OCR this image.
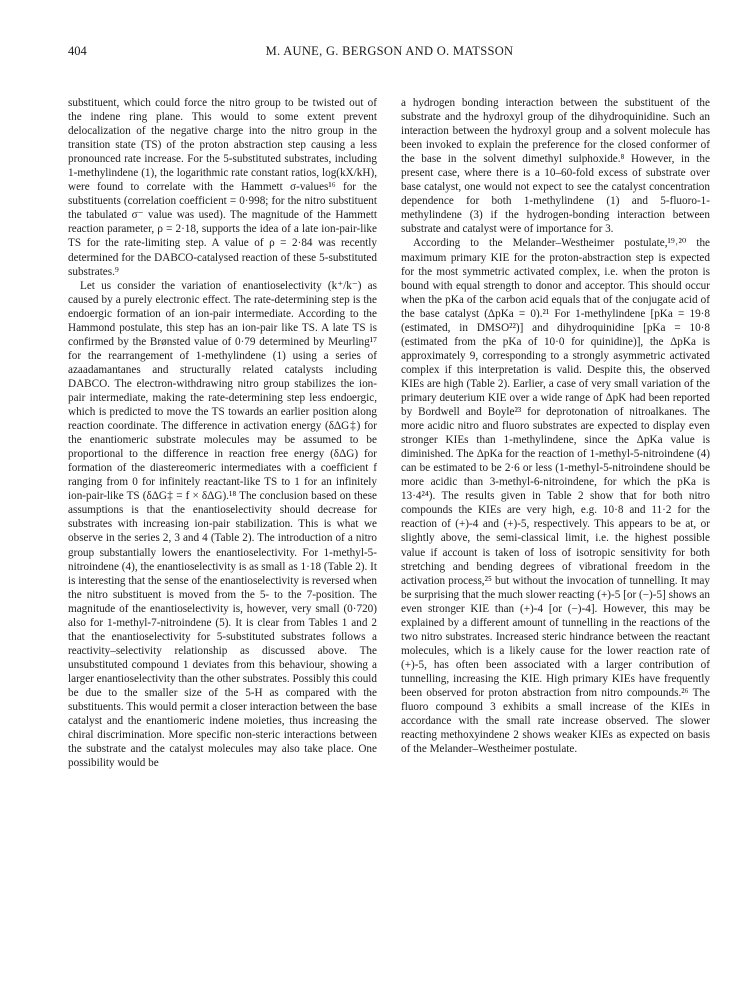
404	M. AUNE, G. BERGSON AND O. MATSSON

substituent, which could force the nitro group to be twisted out of the indene ring plane. This would to some extent prevent delocalization of the negative charge into the nitro group in the transition state (TS) of the proton abstraction step causing a less pronounced rate increase. For the 5-substituted substrates, including 1-methylindene (1), the logarithmic rate constant ratios, log(kX/kH), were found to correlate with the Hammett σ-values¹⁶ for the substituents (correlation coefficient = 0·998; for the nitro substituent the tabulated σ⁻ value was used). The magnitude of the Hammett reaction parameter, ρ = 2·18, supports the idea of a late ion-pair-like TS for the rate-limiting step. A value of ρ = 2·84 was recently determined for the DABCO-catalysed reaction of these 5-substituted substrates.⁹

Let us consider the variation of enantioselectivity (k⁺/k⁻) as caused by a purely electronic effect. The rate-determining step is the endoergic formation of an ion-pair intermediate. According to the Hammond postulate, this step has an ion-pair like TS. A late TS is confirmed by the Brønsted value of 0·79 determined by Meurling¹⁷ for the rearrangement of 1-methylindene (1) using a series of azaadamantanes and structurally related catalysts including DABCO. The electron-withdrawing nitro group stabilizes the ion-pair intermediate, making the rate-determining step less endoergic, which is predicted to move the TS towards an earlier position along reaction coordinate. The difference in activation energy (δΔG‡) for the enantiomeric substrate molecules may be assumed to be proportional to the difference in reaction free energy (δΔG) for formation of the diastereomeric intermediates with a coefficient f ranging from 0 for infinitely reactant-like TS to 1 for an infinitely ion-pair-like TS (δΔG‡ = f × δΔG).¹⁸ The conclusion based on these assumptions is that the enantioselectivity should decrease for substrates with increasing ion-pair stabilization. This is what we observe in the series 2, 3 and 4 (Table 2). The introduction of a nitro group substantially lowers the enantioselectivity. For 1-methyl-5-nitroindene (4), the enantioselectivity is as small as 1·18 (Table 2). It is interesting that the sense of the enantioselectivity is reversed when the nitro substituent is moved from the 5- to the 7-position. The magnitude of the enantioselectivity is, however, very small (0·720) also for 1-methyl-7-nitroindene (5). It is clear from Tables 1 and 2 that the enantioselectivity for 5-substituted substrates follows a reactivity–selectivity relationship as discussed above. The unsubstituted compound 1 deviates from this behaviour, showing a larger enantioselectivity than the other substrates. Possibly this could be due to the smaller size of the 5-H as compared with the substituents. This would permit a closer interaction between the base catalyst and the enantiomeric indene moieties, thus increasing the chiral discrimination. More specific non-steric interactions between the substrate and the catalyst molecules may also take place. One possibility would be

a hydrogen bonding interaction between the substituent of the substrate and the hydroxyl group of the dihydroquinidine. Such an interaction between the hydroxyl group and a solvent molecule has been invoked to explain the preference for the closed conformer of the base in the solvent dimethyl sulphoxide.⁸ However, in the present case, where there is a 10–60-fold excess of substrate over base catalyst, one would not expect to see the catalyst concentration dependence for both 1-methylindene (1) and 5-fluoro-1-methylindene (3) if the hydrogen-bonding interaction between substrate and catalyst were of importance for 3.

According to the Melander–Westheimer postulate,¹⁹˒²⁰ the maximum primary KIE for the proton-abstraction step is expected for the most symmetric activated complex, i.e. when the proton is bound with equal strength to donor and acceptor. This should occur when the pKa of the carbon acid equals that of the conjugate acid of the base catalyst (ΔpKa = 0).²¹ For 1-methylindene [pKa = 19·8 (estimated, in DMSO²²)] and dihydroquinidine [pKa = 10·8 (estimated from the pKa of 10·0 for quinidine)], the ΔpKa is approximately 9, corresponding to a strongly asymmetric activated complex if this interpretation is valid. Despite this, the observed KIEs are high (Table 2). Earlier, a case of very small variation of the primary deuterium KIE over a wide range of ΔpK had been reported by Bordwell and Boyle²³ for deprotonation of nitroalkanes. The more acidic nitro and fluoro substrates are expected to display even stronger KIEs than 1-methylindene, since the ΔpKa value is diminished. The ΔpKa for the reaction of 1-methyl-5-nitroindene (4) can be estimated to be 2·6 or less (1-methyl-5-nitroindene should be more acidic than 3-methyl-6-nitroindene, for which the pKa is 13·4²⁴). The results given in Table 2 show that for both nitro compounds the KIEs are very high, e.g. 10·8 and 11·2 for the reaction of (+)-4 and (+)-5, respectively. This appears to be at, or slightly above, the semi-classical limit, i.e. the highest possible value if account is taken of loss of isotropic sensitivity for both stretching and bending degrees of vibrational freedom in the activation process,²⁵ but without the invocation of tunnelling. It may be surprising that the much slower reacting (+)-5 [or (−)-5] shows an even stronger KIE than (+)-4 [or (−)-4]. However, this may be explained by a different amount of tunnelling in the reactions of the two nitro substrates. Increased steric hindrance between the reactant molecules, which is a likely cause for the lower reaction rate of (+)-5, has often been associated with a larger contribution of tunnelling, increasing the KIE. High primary KIEs have frequently been observed for proton abstraction from nitro compounds.²⁶ The fluoro compound 3 exhibits a small increase of the KIEs in accordance with the small rate increase observed. The slower reacting methoxyindene 2 shows weaker KIEs as expected on basis of the Melander–Westheimer postulate.
